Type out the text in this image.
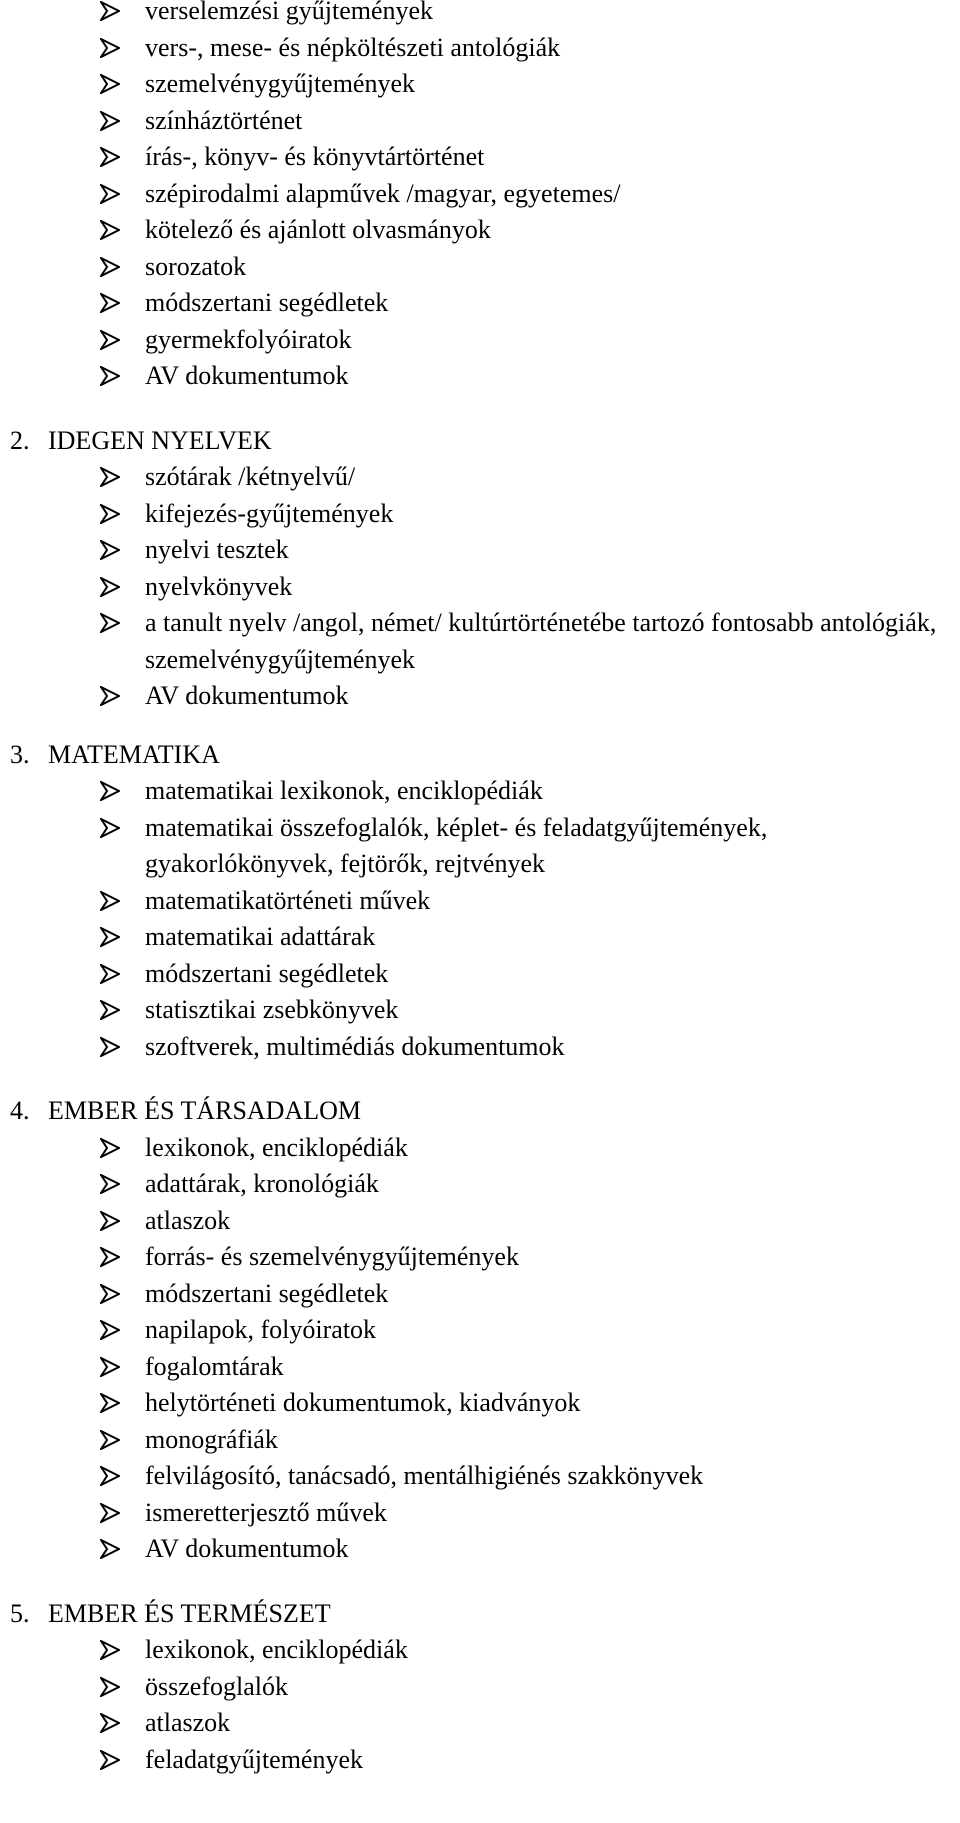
verselemzési gyűjtemények
vers-, mese- és népköltészeti antológiák
szemelvénygyűjtemények
színháztörténet
írás-, könyv- és könyvtártörténet
szépirodalmi alapművek /magyar, egyetemes/
kötelező és ajánlott olvasmányok
sorozatok
módszertani segédletek
gyermekfolyóiratok
AV dokumentumok
2. IDEGEN NYELVEK
szótárak /kétnyelvű/
kifejezés-gyűjtemények
nyelvi tesztek
nyelvkönyvek
a tanult nyelv /angol, német/ kultúrtörténetébe tartozó fontosabb antológiák, szemelvénygyűjtemények
AV dokumentumok
3. MATEMATIKA
matematikai lexikonok, enciklopédiák
matematikai összefoglalók, képlet- és feladatgyűjtemények, gyakorlókönyvek, fejtörők, rejtvények
matematikatörténeti művek
matematikai adattárak
módszertani segédletek
statisztikai zsebkönyvek
szoftverek, multimédiás dokumentumok
4. EMBER ÉS TÁRSADALOM
lexikonok, enciklopédiák
adattárak, kronológiák
atlaszok
forrás- és szemelvénygyűjtemények
módszertani segédletek
napilapok, folyóiratok
fogalomtárak
helytörténeti dokumentumok, kiadványok
monográfiák
felvilágosító, tanácsadó, mentálhigiénés szakkönyvek
ismeretterjesztő művek
AV dokumentumok
5. EMBER ÉS TERMÉSZET
lexikonok, enciklopédiák
összefoglalók
atlaszok
feladatgyűjtemények
